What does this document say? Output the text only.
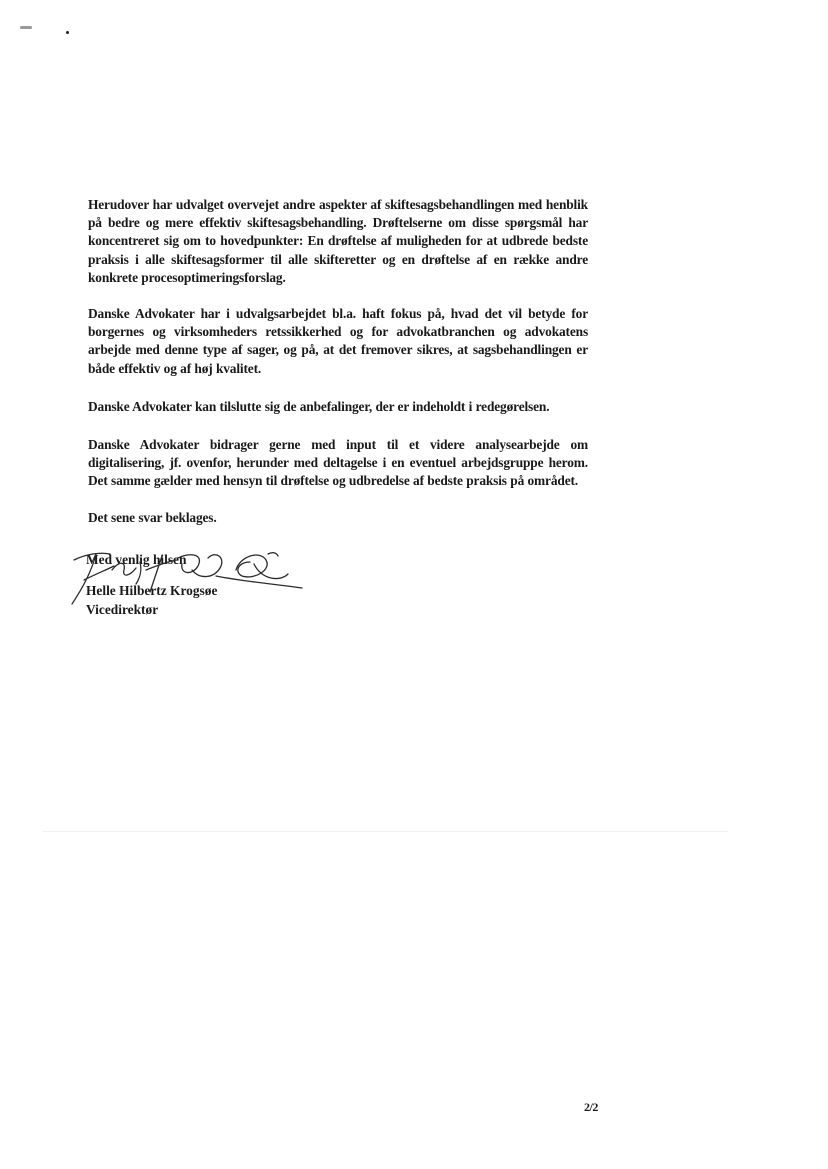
Herudover har udvalget overvejet andre aspekter af skiftesagsbehandlingen med henblik på bedre og mere effektiv skiftesagsbehandling. Drøftelserne om disse spørgsmål har koncentreret sig om to hovedpunkter: En drøftelse af muligheden for at udbrede bedste praksis i alle skiftesagsformer til alle skifteretter og en drøftelse af en række andre konkrete procesoptimeringsforslag.

Danske Advokater har i udvalgsarbejdet bl.a. haft fokus på, hvad det vil betyde for borgernes og virksomheders retssikkerhed og for advokatbranchen og advokatens arbejde med denne type af sager, og på, at det fremover sikres, at sagsbehandlingen er både effektiv og af høj kvalitet.

Danske Advokater kan tilslutte sig de anbefalinger, der er indeholdt i redegørelsen.

Danske Advokater bidrager gerne med input til et videre analysearbejde om digitalisering, jf. ovenfor, herunder med deltagelse i en eventuel arbejdsgruppe herom. Det samme gælder med hensyn til drøftelse og udbredelse af bedste praksis på området.

Det sene svar beklages.

Med venlig hilsen
Helle Hilbertz Krogsøe
Vicedirektør
2/2
